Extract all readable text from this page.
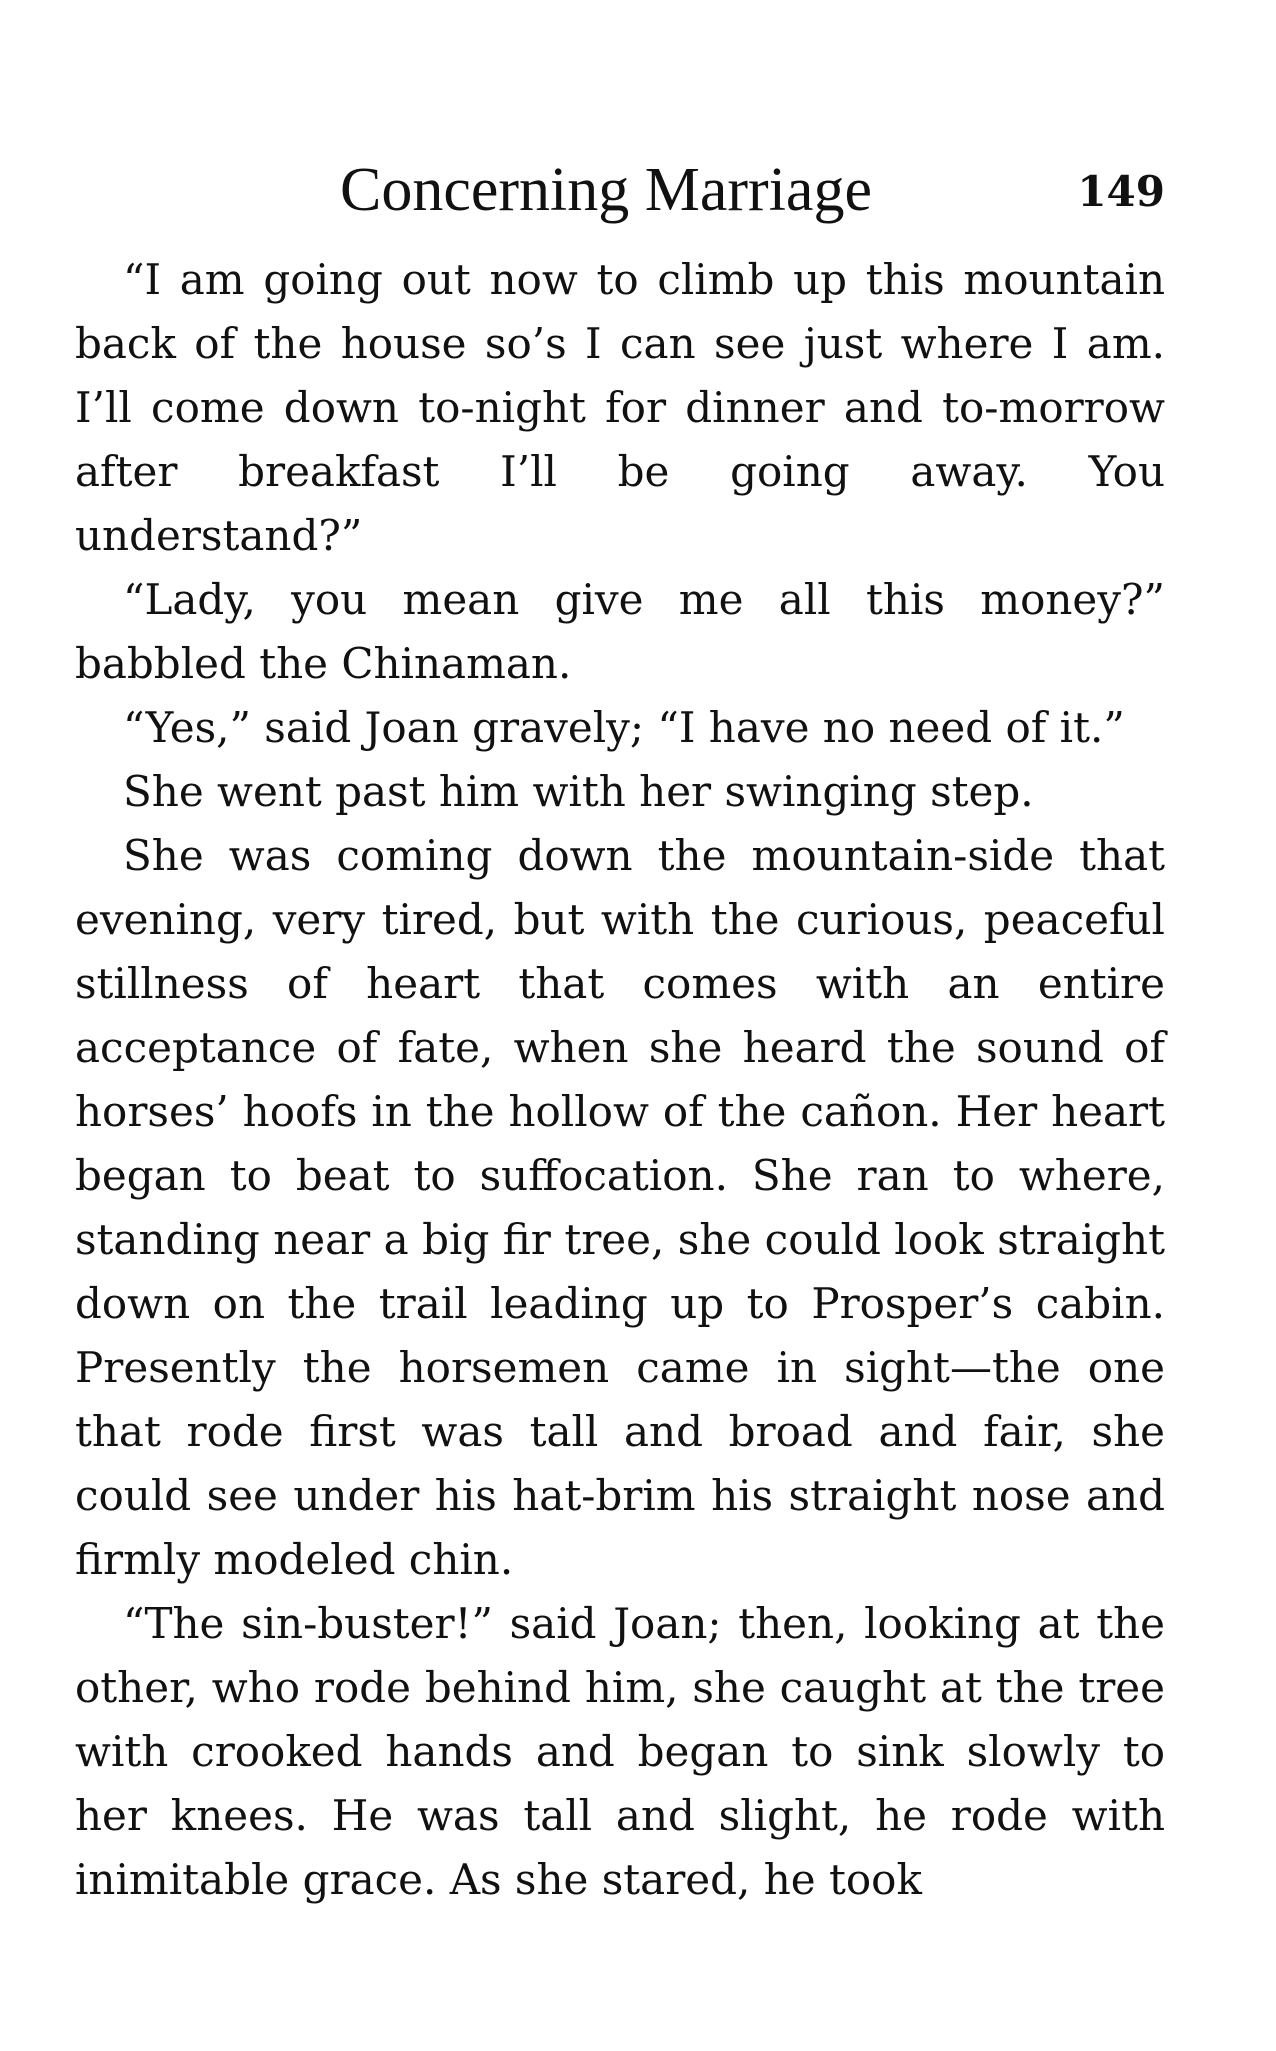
Concerning Marriage	149

“I am going out now to climb up this mountain back of the house so’s I can see just where I am. I’ll come down to-night for dinner and to-morrow after breakfast I’ll be going away. You understand?”

“Lady, you mean give me all this money?” babbled the Chinaman.

“Yes,” said Joan gravely; “I have no need of it.”

She went past him with her swinging step.

She was coming down the mountain-side that evening, very tired, but with the curious, peaceful stillness of heart that comes with an entire acceptance of fate, when she heard the sound of horses’ hoofs in the hollow of the cañon. Her heart began to beat to suffocation. She ran to where, standing near a big fir tree, she could look straight down on the trail leading up to Prosper’s cabin. Presently the horsemen came in sight—the one that rode first was tall and broad and fair, she could see under his hat-brim his straight nose and firmly modeled chin.

“The sin-buster!” said Joan; then, looking at the other, who rode behind him, she caught at the tree with crooked hands and began to sink slowly to her knees. He was tall and slight, he rode with inimitable grace. As she stared, he took
